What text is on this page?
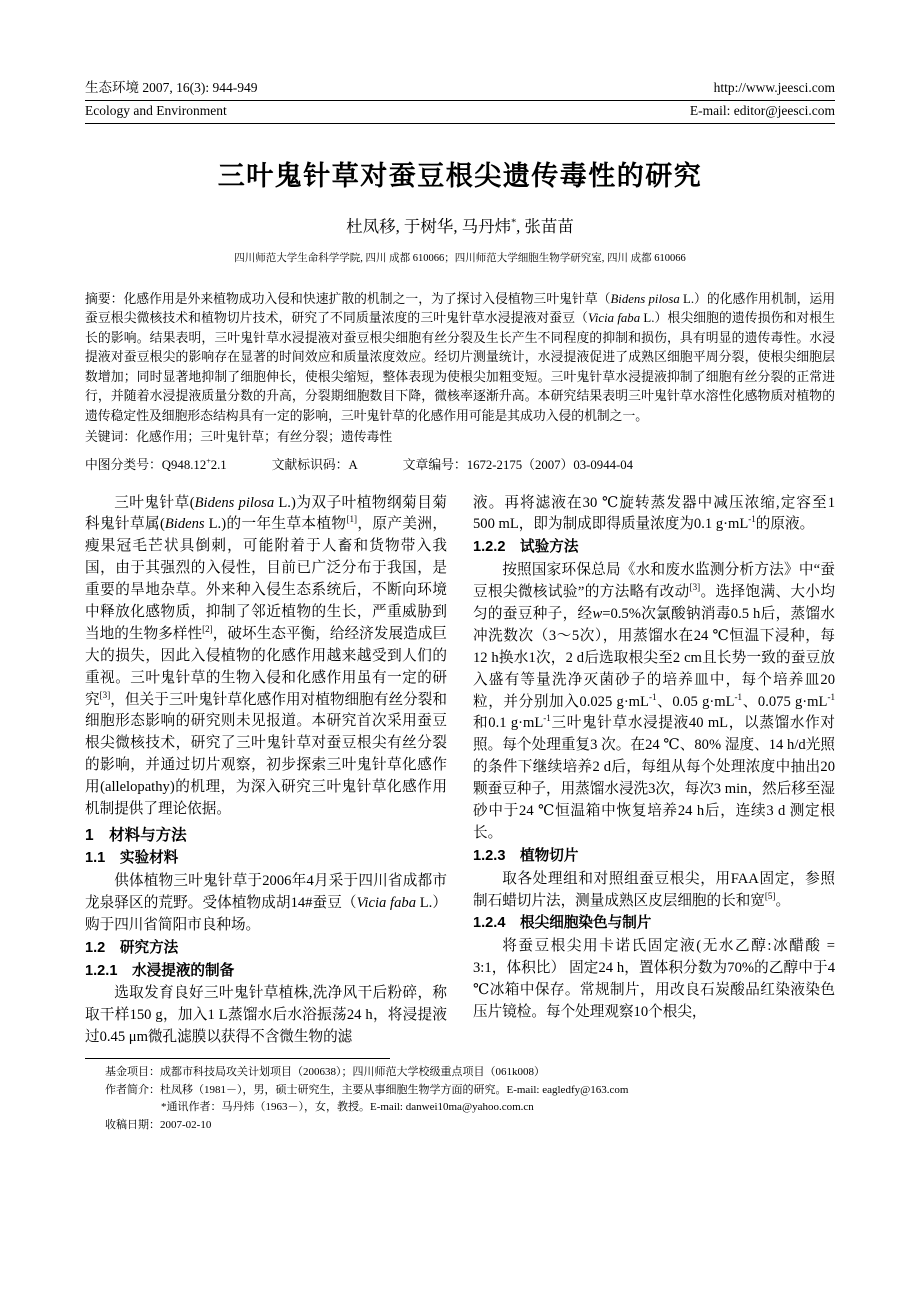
生态环境 2007, 16(3): 944-949	http://www.jeesci.com
Ecology and Environment	E-mail: editor@jeesci.com
三叶鬼针草对蚕豆根尖遗传毒性的研究
杜凤移, 于树华, 马丹炜*, 张苗苗
四川师范大学生命科学学院, 四川 成都 610066；四川师范大学细胞生物学研究室, 四川 成都 610066
摘要：化感作用是外来植物成功入侵和快速扩散的机制之一，为了探讨入侵植物三叶鬼针草（Bidens pilosa L.）的化感作用机制，运用蚕豆根尖微核技术和植物切片技术，研究了不同质量浓度的三叶鬼针草水浸提液对蚕豆（Vicia faba L.）根尖细胞的遗传损伤和对根生长的影响。结果表明，三叶鬼针草水浸提液对蚕豆根尖细胞有丝分裂及生长产生不同程度的抑制和损伤，具有明显的遗传毒性。水浸提液对蚕豆根尖的影响存在显著的时间效应和质量浓度效应。经切片测量统计，水浸提液促进了成熟区细胞平周分裂，使根尖细胞层数增加；同时显著地抑制了细胞伸长，使根尖缩短，整体表现为使根尖加粗变短。三叶鬼针草水浸提液抑制了细胞有丝分裂的正常进行，并随着水浸提液质量分数的升高，分裂期细胞数目下降，微核率逐渐升高。本研究结果表明三叶鬼针草水溶性化感物质对植物的遗传稳定性及细胞形态结构具有一定的影响，三叶鬼针草的化感作用可能是其成功入侵的机制之一。
关键词：化感作用；三叶鬼针草；有丝分裂；遗传毒性
中图分类号：Q948.12+2.1	文献标识码：A	文章编号：1672-2175（2007）03-0944-04
三叶鬼针草(Bidens pilosa L.)为双子叶植物纲菊目菊科鬼针草属(Bidens L.)的一年生草本植物[1]，原产美洲，瘦果冠毛芒状具倒刺，可能附着于人畜和货物带入我国，由于其强烈的入侵性，目前已广泛分布于我国，是重要的旱地杂草。外来种入侵生态系统后，不断向环境中释放化感物质，抑制了邻近植物的生长，严重威胁到当地的生物多样性[2]，破坏生态平衡，给经济发展造成巨大的损失，因此入侵植物的化感作用越来越受到人们的重视。三叶鬼针草的生物入侵和化感作用虽有一定的研究[3]，但关于三叶鬼针草化感作用对植物细胞有丝分裂和细胞形态影响的研究则未见报道。本研究首次采用蚕豆根尖微核技术，研究了三叶鬼针草对蚕豆根尖有丝分裂的影响，并通过切片观察，初步探索三叶鬼针草化感作用(allelopathy)的机理，为深入研究三叶鬼针草化感作用机制提供了理论依据。
1　材料与方法
1.1　实验材料
供体植物三叶鬼针草于2006年4月采于四川省成都市龙泉驿区的荒野。受体植物成胡14#蚕豆（Vicia faba L.）购于四川省简阳市良种场。
1.2　研究方法
1.2.1　水浸提液的制备
选取发育良好三叶鬼针草植株,洗净风干后粉碎，称取干样150 g，加入1 L蒸馏水后水浴振荡24 h，将浸提液过0.45 μm微孔滤膜以获得不含微生物的滤
液。再将滤液在30 ℃旋转蒸发器中减压浓缩,定容至1 500 mL，即为制成即得质量浓度为0.1 $g\cdot mL^{-1}$的原液。
1.2.2　试验方法
按照国家环保总局《水和废水监测分析方法》中“蚕豆根尖微核试验”的方法略有改动[3]。选择饱满、大小均匀的蚕豆种子，经w=0.5%次氯酸钠消毒0.5 h后，蒸馏水冲洗数次（3～5次），用蒸馏水在24 ℃恒温下浸种，每12 h换水1次，2 d后选取根尖至2 cm且长势一致的蚕豆放入盛有等量洗净灭菌砂子的培养皿中，每个培养皿20粒，并分别加入0.025 $g\cdot mL^{-1}$、0.05 $g\cdot mL^{-1}$、0.075 $g\cdot mL^{-1}$和0.1 $g\cdot mL^{-1}$三叶鬼针草水浸提液40 mL，以蒸馏水作对照。每个处理重复3 次。在24 ℃、80% 湿度、14 h/d光照的条件下继续培养2 d后，每组从每个处理浓度中抽出20颗蚕豆种子，用蒸馏水浸洗3次，每次3 min，然后移至湿砂中于24 ℃恒温箱中恢复培养24 h后，连续3 d 测定根长。
1.2.3　植物切片
取各处理组和对照组蚕豆根尖，用FAA固定，参照制石蜡切片法，测量成熟区皮层细胞的长和宽[5]。
1.2.4　根尖细胞染色与制片
将蚕豆根尖用卡诺氏固定液(无水乙醇:冰醋酸 = 3:1，体积比） 固定24 h，置体积分数为70%的乙醇中于4 ℃冰箱中保存。常规制片，用改良石炭酸品红染液染色压片镜检。每个处理观察10个根尖，
基金项目：成都市科技局攻关计划项目（200638）；四川师范大学校级重点项目（061k008）
作者简介：杜凤移（1981－），男，硕士研究生，主要从事细胞生物学方面的研究。E-mail: eagledfy@163.com
*通讯作者：马丹炜（1963－），女，教授。E-mail: danwei10ma@yahoo.com.cn
收稿日期：2007-02-10
